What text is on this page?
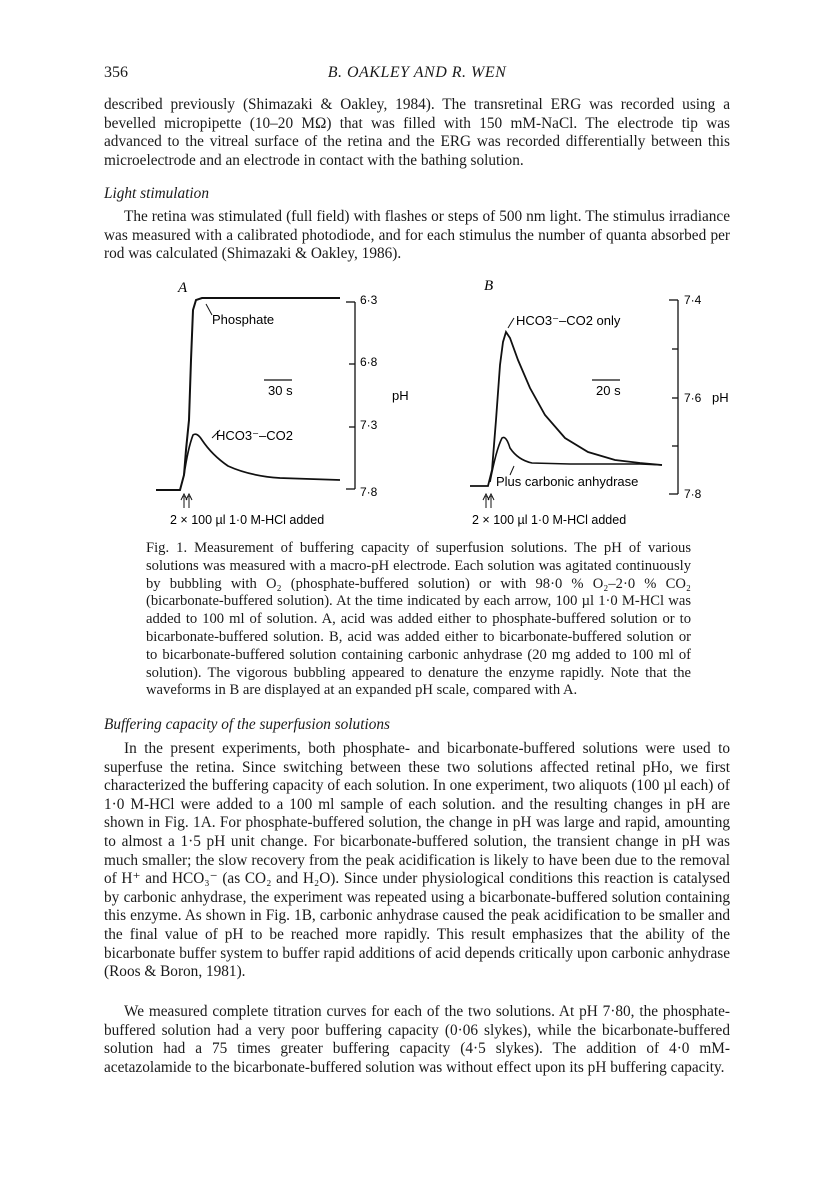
356	B. OAKLEY AND R. WEN
described previously (Shimazaki & Oakley, 1984). The transretinal ERG was recorded using a bevelled micropipette (10–20 MΩ) that was filled with 150 mM-NaCl. The electrode tip was advanced to the vitreal surface of the retina and the ERG was recorded differentially between this microelectrode and an electrode in contact with the bathing solution.
Light stimulation
The retina was stimulated (full field) with flashes or steps of 500 nm light. The stimulus irradiance was measured with a calibrated photodiode, and for each stimulus the number of quanta absorbed per rod was calculated (Shimazaki & Oakley, 1986).
A
Phosphate
HCO3⁻–CO2
30 s
6·3
6·8
7·3
7·8
pH
2 × 100 µl 1·0 M-HCl added
B
HCO3⁻–CO2 only
Plus carbonic anhydrase
20 s
7·4
7·6
7·8
pH
2 × 100 µl 1·0 M-HCl added
Fig. 1. Measurement of buffering capacity of superfusion solutions. The pH of various solutions was measured with a macro-pH electrode. Each solution was agitated continuously by bubbling with O₂ (phosphate-buffered solution) or with 98·0 % O₂–2·0 % CO₂ (bicarbonate-buffered solution). At the time indicated by each arrow, 100 µl 1·0 M-HCl was added to 100 ml of solution. A, acid was added either to phosphate-buffered solution or to bicarbonate-buffered solution. B, acid was added either to bicarbonate-buffered solution or to bicarbonate-buffered solution containing carbonic anhydrase (20 mg added to 100 ml of solution). The vigorous bubbling appeared to denature the enzyme rapidly. Note that the waveforms in B are displayed at an expanded pH scale, compared with A.
Buffering capacity of the superfusion solutions
In the present experiments, both phosphate- and bicarbonate-buffered solutions were used to superfuse the retina. Since switching between these two solutions affected retinal pHo, we first characterized the buffering capacity of each solution. In one experiment, two aliquots (100 µl each) of 1·0 M-HCl were added to a 100 ml sample of each solution. and the resulting changes in pH are shown in Fig. 1A. For phosphate-buffered solution, the change in pH was large and rapid, amounting to almost a 1·5 pH unit change. For bicarbonate-buffered solution, the transient change in pH was much smaller; the slow recovery from the peak acidification is likely to have been due to the removal of H⁺ and HCO₃⁻ (as CO₂ and H₂O). Since under physiological conditions this reaction is catalysed by carbonic anhydrase, the experiment was repeated using a bicarbonate-buffered solution containing this enzyme. As shown in Fig. 1B, carbonic anhydrase caused the peak acidification to be smaller and the final value of pH to be reached more rapidly. This result emphasizes that the ability of the bicarbonate buffer system to buffer rapid additions of acid depends critically upon carbonic anhydrase (Roos & Boron, 1981).
We measured complete titration curves for each of the two solutions. At pH 7·80, the phosphate-buffered solution had a very poor buffering capacity (0·06 slykes), while the bicarbonate-buffered solution had a 75 times greater buffering capacity (4·5 slykes). The addition of 4·0 mM-acetazolamide to the bicarbonate-buffered solution was without effect upon its pH buffering capacity.
